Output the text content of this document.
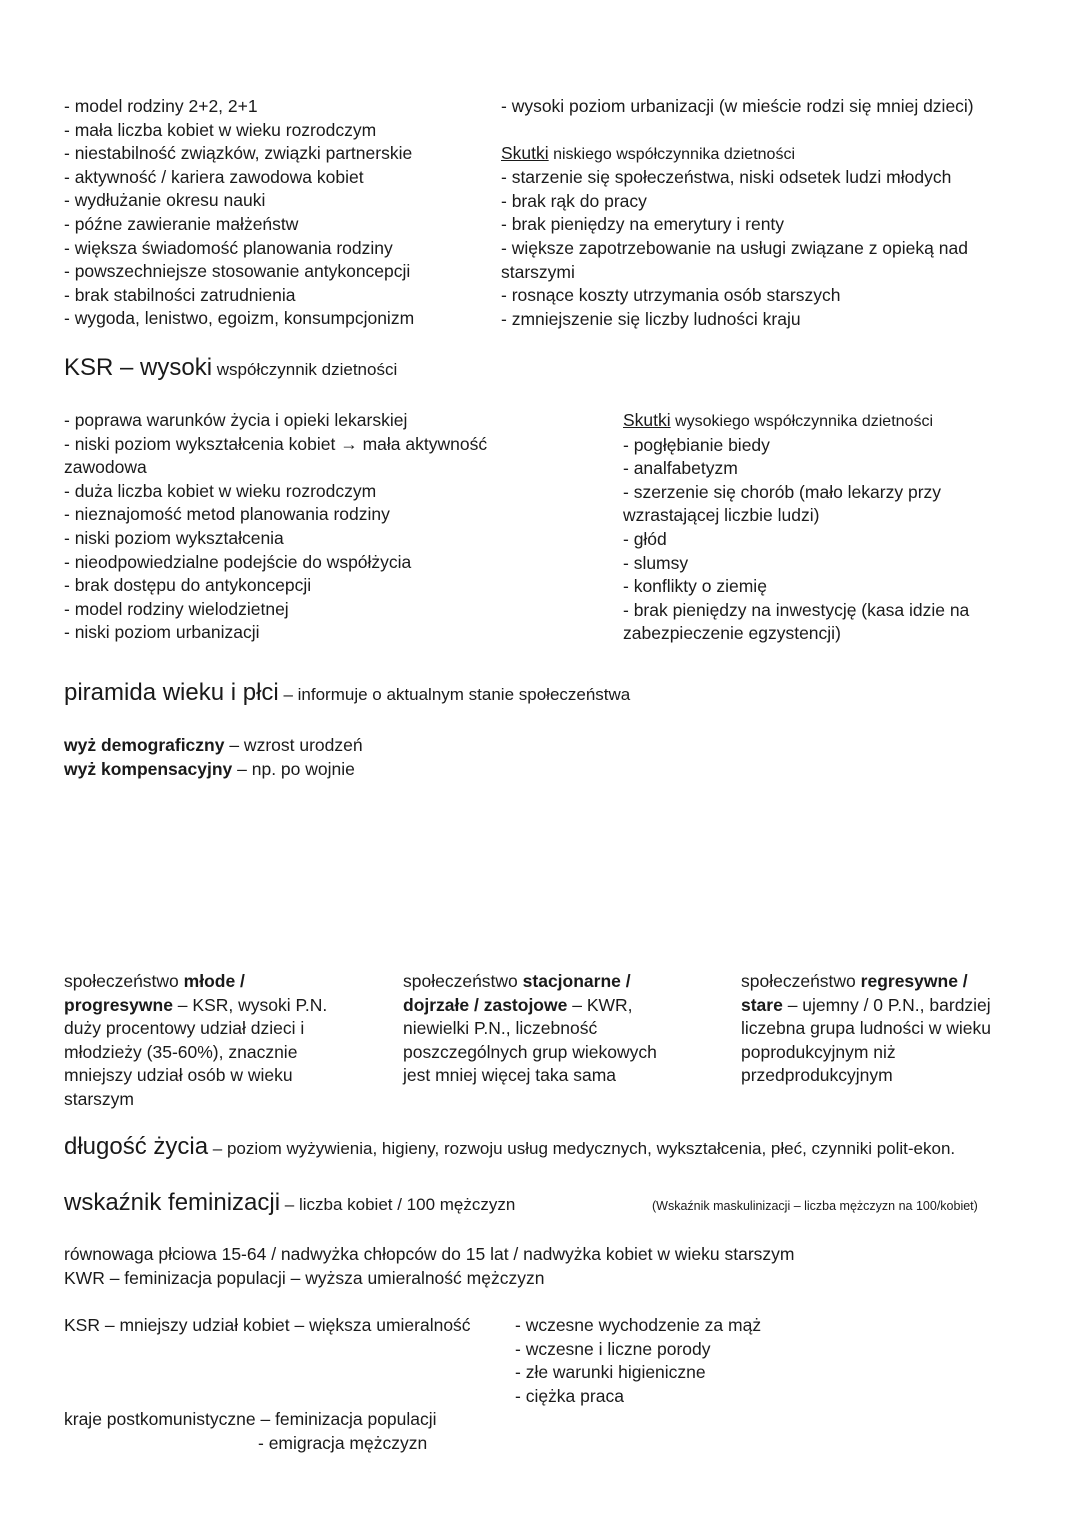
- model rodziny 2+2, 2+1
- mała liczba kobiet w wieku rozrodczym
- niestabilność związków, związki partnerskie
- aktywność / kariera zawodowa kobiet
- wydłużanie okresu nauki
- późne zawieranie małżeństw
- większa świadomość planowania rodziny
- powszechniejsze stosowanie antykoncepcji
- brak stabilności zatrudnienia
- wygoda, lenistwo, egoizm, konsumpcjonizm
- wysoki poziom urbanizacji (w mieście rodzi się mniej dzieci)
Skutki niskiego współczynnika dzietności
- starzenie się społeczeństwa, niski odsetek ludzi młodych
- brak rąk do pracy
- brak pieniędzy na emerytury i renty
- większe zapotrzebowanie na usługi związane z opieką nad
starszymi
- rosnące koszty utrzymania osób starszych
- zmniejszenie się liczby ludności kraju
KSR – wysoki współczynnik dzietności
- poprawa warunków życia i opieki lekarskiej
- niski poziom wykształcenia kobiet → mała aktywność
zawodowa
- duża liczba kobiet w wieku rozrodczym
- nieznajomość metod planowania rodziny
- niski poziom wykształcenia
- nieodpowiedzialne podejście do współżycia
- brak dostępu do antykoncepcji
- model rodziny wielodzietnej
- niski poziom urbanizacji
Skutki wysokiego współczynnika dzietności
- pogłębianie biedy
- analfabetyzm
- szerzenie się chorób (mało lekarzy przy
wzrastającej liczbie ludzi)
- głód
- slumsy
- konflikty o ziemię
- brak pieniędzy na inwestycję (kasa idzie na
zabezpieczenie egzystencji)
piramida wieku i płci – informuje o aktualnym stanie społeczeństwa
wyż demograficzny – wzrost urodzeń
wyż kompensacyjny – np. po wojnie
społeczeństwo młode / progresywne – KSR, wysoki P.N. duży procentowy udział dzieci i młodzieży (35-60%), znacznie mniejszy udział osób w wieku starszym
społeczeństwo stacjonarne / dojrzałe / zastojowe – KWR, niewielki P.N., liczebność poszczególnych grup wiekowych jest mniej więcej taka sama
społeczeństwo regresywne / stare – ujemny / 0 P.N., bardziej liczebna grupa ludności w wieku poprodukcyjnym niż przedprodukcyjnym
długość życia – poziom wyżywienia, higieny, rozwoju usług medycznych, wykształcenia, płeć, czynniki polit-ekon.
wskaźnik feminizacji – liczba kobiet / 100 mężczyzn	(Wskaźnik maskulinizacji – liczba mężczyzn na 100/kobiet)
równowaga płciowa 15-64 / nadwyżka chłopców do 15 lat / nadwyżka kobiet w wieku starszym
KWR – feminizacja populacji – wyższa umieralność mężczyzn
KSR – mniejszy udział kobiet – większa umieralność	- wczesne wychodzenie za mąż
- wczesne i liczne porody
- złe warunki higieniczne
- ciężka praca
kraje postkomunistyczne – feminizacja populacji
- emigracja mężczyzn
